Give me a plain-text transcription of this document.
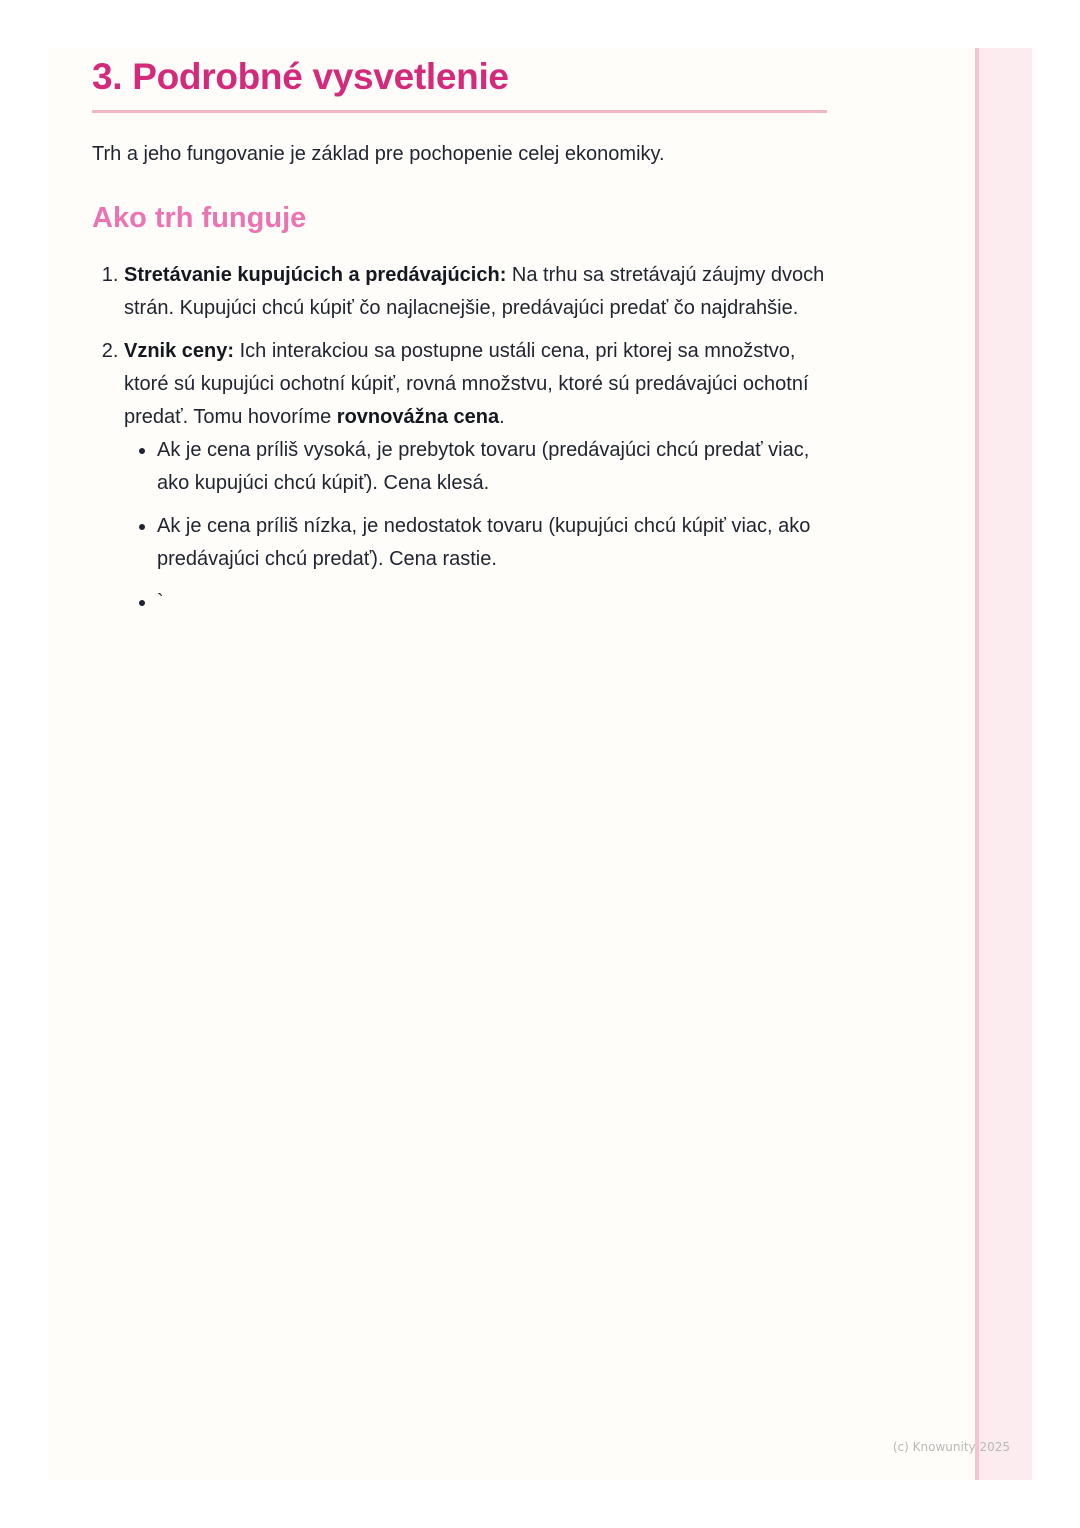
3. Podrobné vysvetlenie

Trh a jeho fungovanie je základ pre pochopenie celej ekonomiky.

Ako trh funguje
1. Stretávanie kupujúcich a predávajúcich: Na trhu sa stretávajú záujmy dvoch strán. Kupujúci chcú kúpiť čo najlacnejšie, predávajúci predať čo najdrahšie.
2. Vznik ceny: Ich interakciou sa postupne ustáli cena, pri ktorej sa množstvo, ktoré sú kupujúci ochotní kúpiť, rovná množstvu, ktoré sú predávajúci ochotní predať. Tomu hovoríme rovnovážna cena.
• Ak je cena príliš vysoká, je prebytok tovaru (predávajúci chcú predať viac, ako kupujúci chcú kúpiť). Cena klesá.
• Ak je cena príliš nízka, je nedostatok tovaru (kupujúci chcú kúpiť viac, ako predávajúci chcú predať). Cena rastie.
• `
(c) Knowunity 2025
